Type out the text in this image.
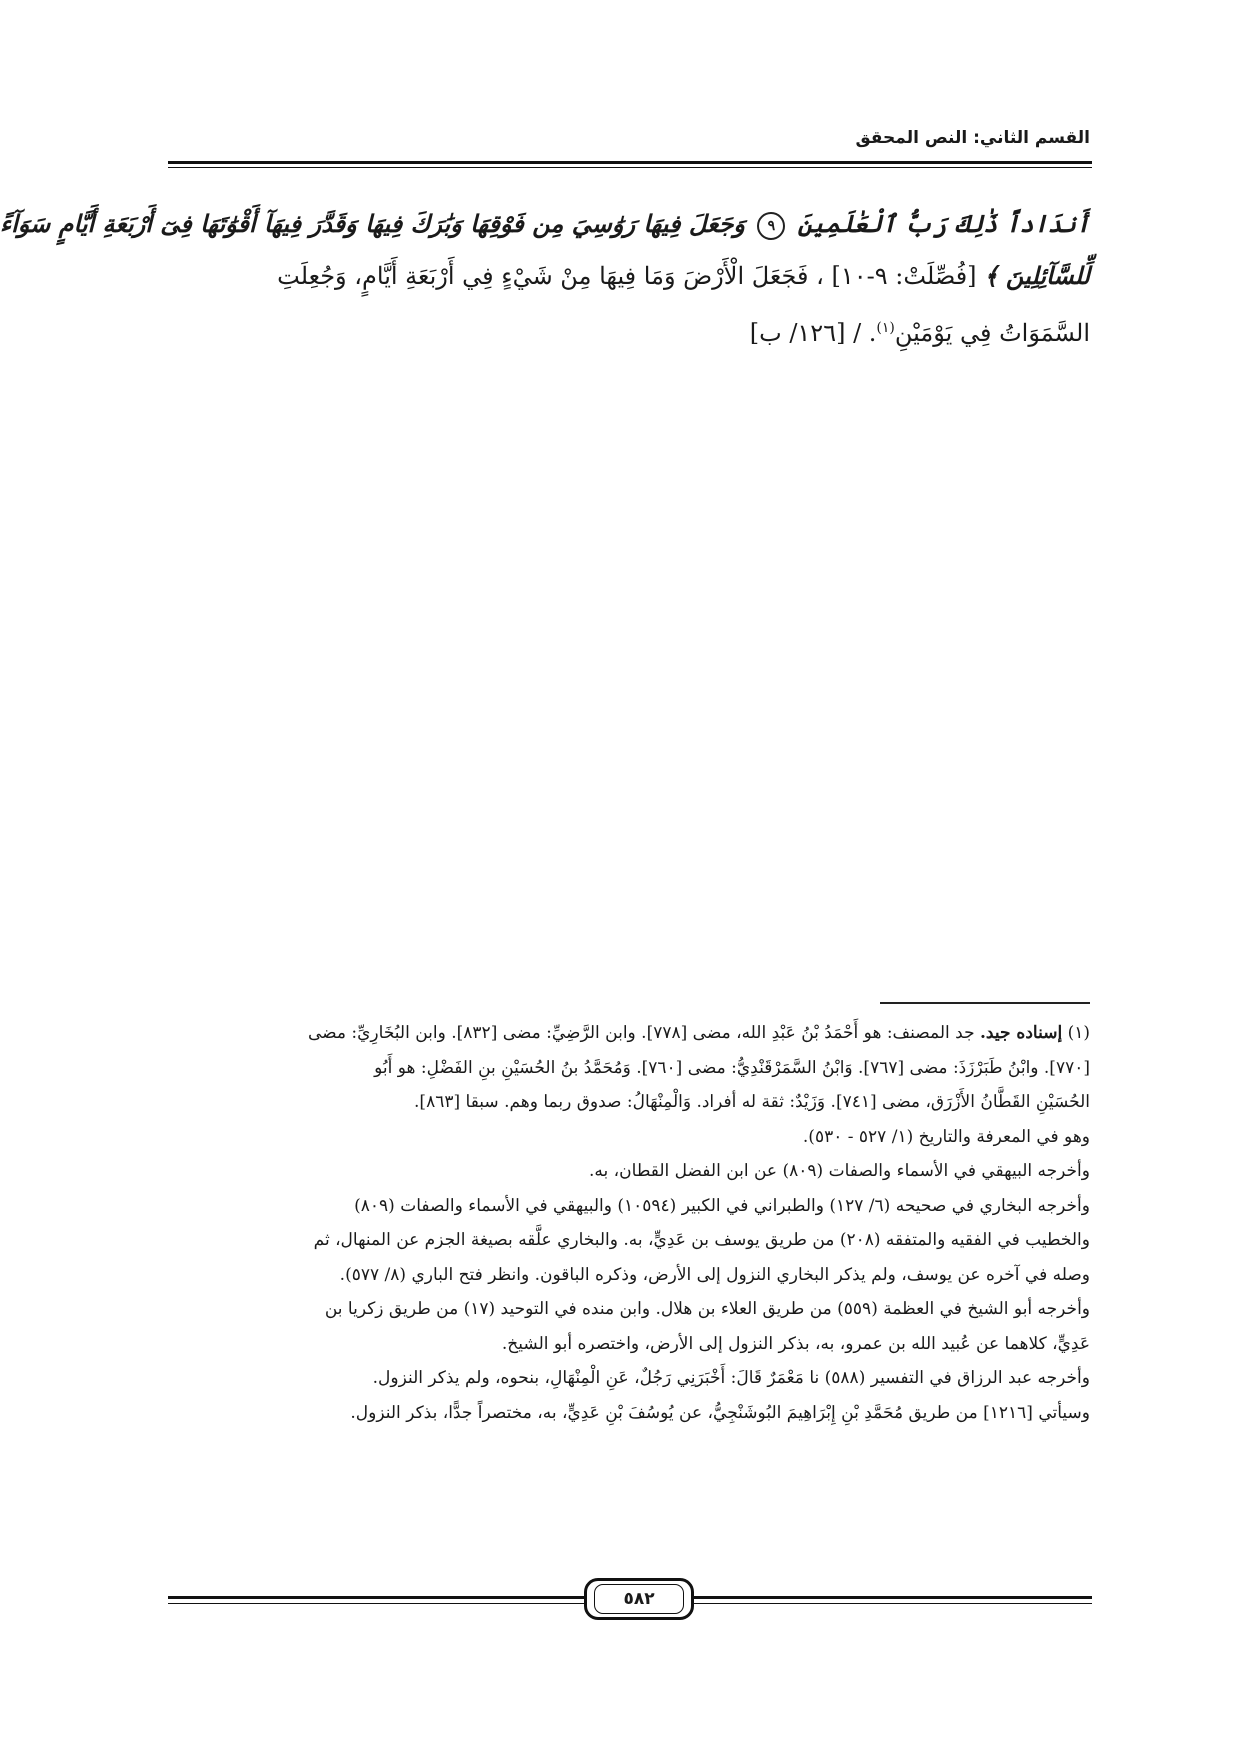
القسم الثاني: النص المحقق
أَندَاداً ذَٰلِكَ رَبُّ ٱلْعَٰلَمِينَ ٩ وَجَعَلَ فِيهَا رَوَٰسِيَ مِن فَوْقِهَا وَبَٰرَكَ فِيهَا وَقَدَّرَ فِيهَآ أَقْوَٰتَهَا فِىٓ أَرْبَعَةِ أَيَّامٍ سَوَآءً
لِّلسَّآئِلِينَ ﴾ [فُصِّلَتْ: ٩-١٠] ، فَجَعَلَ الْأَرْضَ وَمَا فِيهَا مِنْ شَيْءٍ فِي أَرْبَعَةِ أَيَّامٍ، وَجُعِلَتِ
السَّمَوَاتُ فِي يَوْمَيْنِ$^{(١)}$. / [١٢٦/ ب]
(١) إسناده جيد. جد المصنف: هو أَحْمَدُ بْنُ عَبْدِ الله، مضى [٧٧٨]. وابن الرَّضِيِّ: مضى [٨٣٢]. وابن البُخَارِيِّ: مضى
[٧٧٠]. وابْنُ طَبَرْزَذَ: مضى [٧٦٧]. وَابْنُ السَّمَرْقَنْدِيُّ: مضى [٧٦٠]. وَمُحَمَّدُ بنُ الحُسَيْنِ بنِ الفَضْلِ: هو أَبُو
الحُسَيْنِ القَطَّانُ الأَزْرَق، مضى [٧٤١]. وَزَيْدٌ: ثقة له أفراد. وَالْمِنْهَالُ: صدوق ربما وهم. سبقا [٨٦٣].
وهو في المعرفة والتاريخ (١/ ٥٢٧ - ٥٣٠).
وأخرجه البيهقي في الأسماء والصفات (٨٠٩) عن ابن الفضل القطان، به.
وأخرجه البخاري في صحيحه (٦/ ١٢٧) والطبراني في الكبير (١٠٥٩٤) والبيهقي في الأسماء والصفات (٨٠٩)
والخطيب في الفقيه والمتفقه (٢٠٨) من طريق يوسف بن عَدِيٍّ، به. والبخاري علَّقه بصيغة الجزم عن المنهال، ثم
وصله في آخره عن يوسف، ولم يذكر البخاري النزول إلى الأرض، وذكره الباقون. وانظر فتح الباري (٨/ ٥٧٧).
وأخرجه أبو الشيخ في العظمة (٥٥٩) من طريق العلاء بن هلال. وابن منده في التوحيد (١٧) من طريق زكريا بن
عَدِيٍّ، كلاهما عن عُبيد الله بن عمرو، به، بذكر النزول إلى الأرض، واختصره أبو الشيخ.
وأخرجه عبد الرزاق في التفسير (٥٨٨) نا مَعْمَرٌ قَالَ: أَخْبَرَنِي رَجُلٌ، عَنِ الْمِنْهَالِ، بنحوه، ولم يذكر النزول.
وسيأتي [١٢١٦] من طريق مُحَمَّدِ بْنِ إِبْرَاهِيمَ البُوشَنْجِيُّ، عن يُوسُفَ بْنِ عَدِيٍّ، به، مختصراً جدًّا، بذكر النزول.
٥٨٢
